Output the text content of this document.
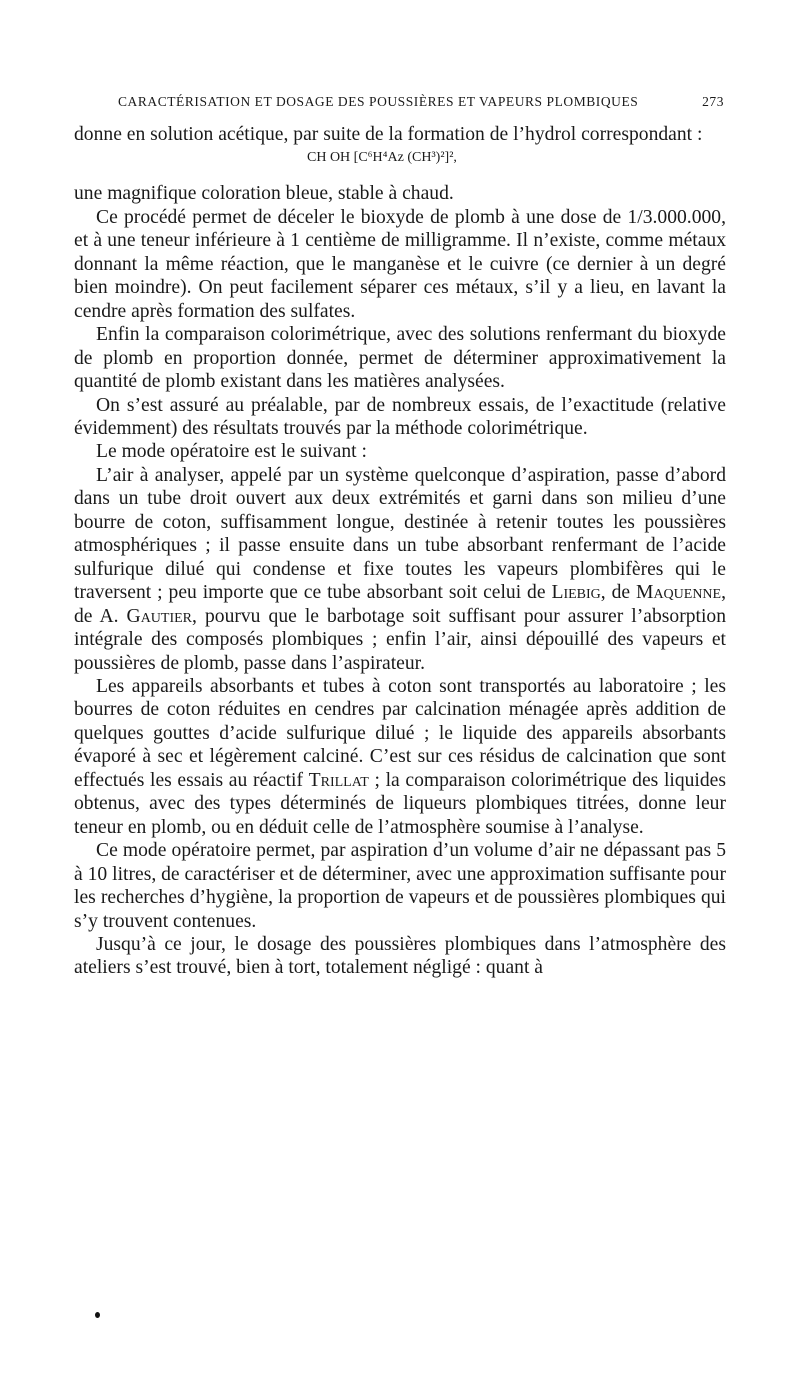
CARACTÉRISATION ET DOSAGE DES POUSSIÈRES ET VAPEURS PLOMBIQUES	273

donne en solution acétique, par suite de la formation de l’hydrol correspondant :

CH OH [C⁶H⁴Az (CH³)²]²,

une magnifique coloration bleue, stable à chaud.

Ce procédé permet de déceler le bioxyde de plomb à une dose de 1/3.000.000, et à une teneur inférieure à 1 centième de milligramme. Il n’existe, comme métaux donnant la même réaction, que le manganèse et le cuivre (ce dernier à un degré bien moindre). On peut facilement séparer ces métaux, s’il y a lieu, en lavant la cendre après formation des sulfates.

Enfin la comparaison colorimétrique, avec des solutions renfermant du bioxyde de plomb en proportion donnée, permet de déterminer approximativement la quantité de plomb existant dans les matières analysées.

On s’est assuré au préalable, par de nombreux essais, de l’exactitude (relative évidemment) des résultats trouvés par la méthode colorimétrique.

Le mode opératoire est le suivant :

L’air à analyser, appelé par un système quelconque d’aspiration, passe d’abord dans un tube droit ouvert aux deux extrémités et garni dans son milieu d’une bourre de coton, suffisamment longue, destinée à retenir toutes les poussières atmosphériques ; il passe ensuite dans un tube absorbant renfermant de l’acide sulfurique dilué qui condense et fixe toutes les vapeurs plombifères qui le traversent ; peu importe que ce tube absorbant soit celui de Liebig, de Maquenne, de A. Gautier, pourvu que le barbotage soit suffisant pour assurer l’absorption intégrale des composés plombiques ; enfin l’air, ainsi dépouillé des vapeurs et poussières de plomb, passe dans l’aspirateur.

Les appareils absorbants et tubes à coton sont transportés au laboratoire ; les bourres de coton réduites en cendres par calcination ménagée après addition de quelques gouttes d’acide sulfurique dilué ; le liquide des appareils absorbants évaporé à sec et légèrement calciné. C’est sur ces résidus de calcination que sont effectués les essais au réactif Trillat ; la comparaison colorimétrique des liquides obtenus, avec des types déterminés de liqueurs plombiques titrées, donne leur teneur en plomb, ou en déduit celle de l’atmosphère soumise à l’analyse.

Ce mode opératoire permet, par aspiration d’un volume d’air ne dépassant pas 5 à 10 litres, de caractériser et de déterminer, avec une approximation suffisante pour les recherches d’hygiène, la proportion de vapeurs et de poussières plombiques qui s’y trouvent contenues.

Jusqu’à ce jour, le dosage des poussières plombiques dans l’atmosphère des ateliers s’est trouvé, bien à tort, totalement négligé : quant à
